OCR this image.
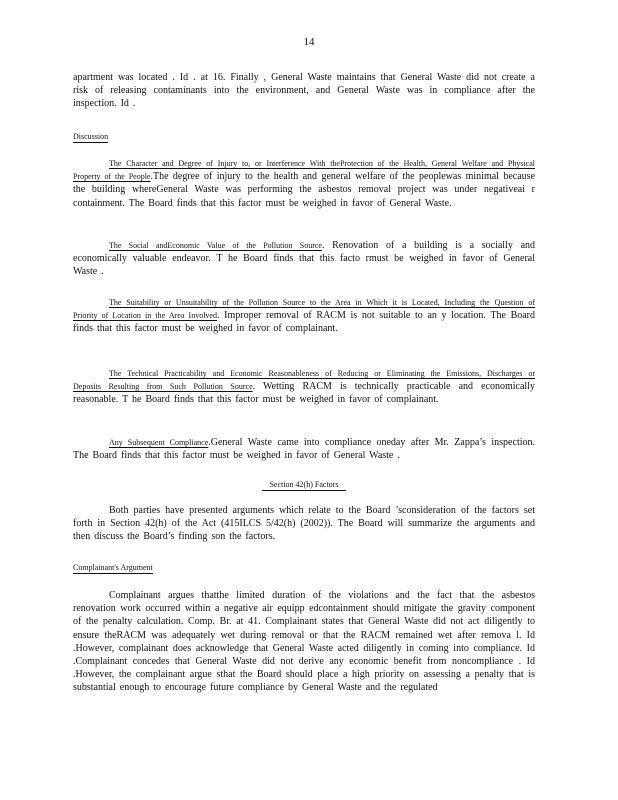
14

apartment was located . Id . at 16. Finally , General Waste maintains that General Waste did not create a risk of releasing contaminants into the environment, and General Waste was in compliance after the inspection. Id .

Discussion

The Character and Degree of Injury to, or Interference With theProtection of the Health, General Welfare and Physical Property of the People.The degree of injury to the health and general welfare of the peoplewas minimal because the building whereGeneral Waste was performing the asbestos removal project was under negativeai r containment. The Board finds that this factor must be weighed in favor of General Waste.

The Social andEconomic Value of the Pollution Source. Renovation of a building is a socially and economically valuable endeavor. T he Board finds that this facto rmust be weighed in favor of General Waste .

The Suitability or Unsuitability of the Pollution Source to the Area in Which it is Located, Including the Question of Priority of Location in the Area Involved. Improper removal of RACM is not suitable to an y location. The Board finds that this factor must be weighed in favor of complainant.

The Technical Practicability and Economic Reasonableness of Reducing or Eliminating the Emissions, Discharges or Deposits Resulting from Such Pollution Source. Wetting RACM is technically practicable and economically reasonable. T he Board finds that this factor must be weighed in favor of complainant.

Any Subsequent Compliance.General Waste came into compliance oneday after Mr. Zappa’s inspection. The Board finds that this factor must be weighed in favor of General Waste .

Section 42(h) Factors

Both parties have presented arguments which relate to the Board ’sconsideration of the factors set forth in Section 42(h) of the Act (415ILCS 5/42(h) (2002)). The Board will summarize the arguments and then discuss the Board’s finding son the factors.

Complainant's Argument

Complainant argues thatthe limited duration of the violations and the fact that the asbestos renovation work occurred within a negative air equipp edcontainment should mitigate the gravity component of the penalty calculation. Comp. Br. at 41. Complainant states that General Waste did not act diligently to ensure theRACM was adequately wet during removal or that the RACM remained wet after remova l. Id .However, complainant does acknowledge that General Waste acted diligently in coming into compliance. Id .Complainant concedes that General Waste did not derive any economic benefit from noncompliance . Id .However, the complainant argue sthat the Board should place a high priority on assessing a penalty that is substantial enough to encourage future compliance by General Waste and the regulated
